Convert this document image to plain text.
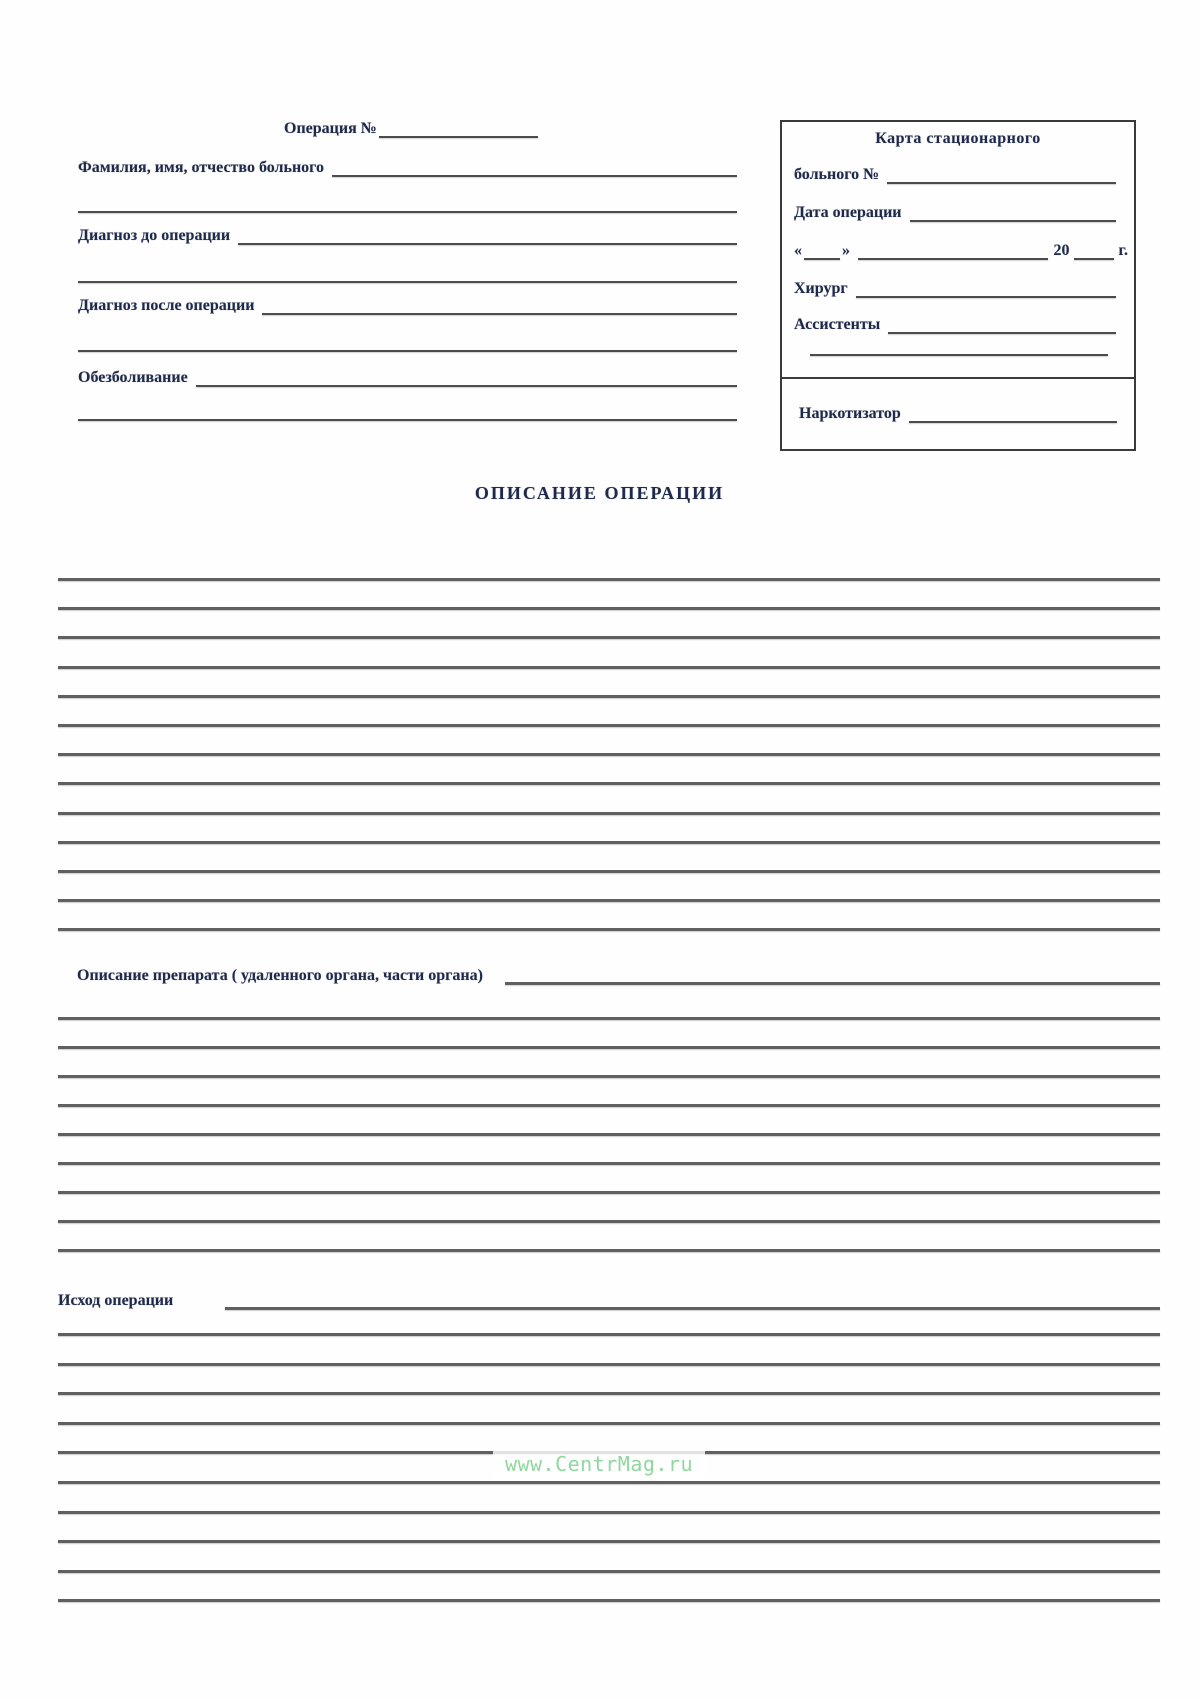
Операция №
Фамилия, имя, отчество больного
Диагноз до операции
Диагноз после операции
Обезболивание
Карта стационарного
больного №
Дата операции
«	»	20	г.
Хирург
Ассистенты
Наркотизатор
ОПИСАНИЕ ОПЕРАЦИИ
Описание препарата ( удаленного органа, части органа)
Исход операции
www.CentrMag.ru
